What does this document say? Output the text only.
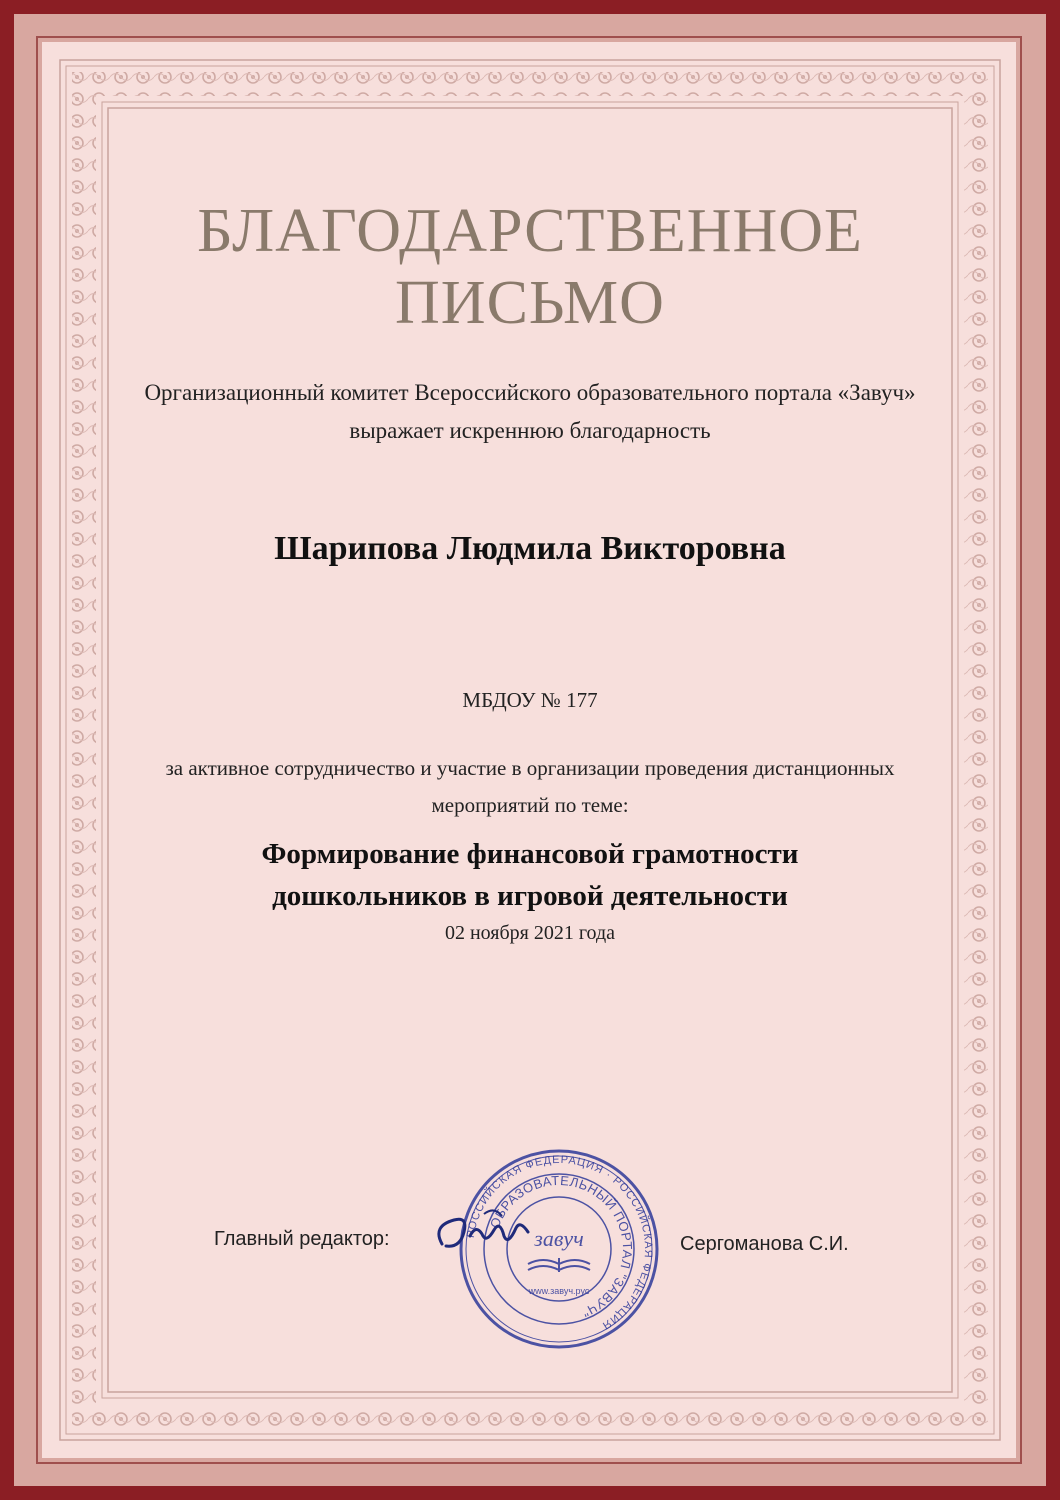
БЛАГОДАРСТВЕННОЕ
ПИСЬМО
Организационный комитет Всероссийского образовательного портала «Завуч» выражает искреннюю благодарность
Шарипова Людмила Викторовна
МБДОУ № 177
за активное сотрудничество и участие в организации проведения дистанционных мероприятий по теме:
Формирование финансовой грамотности
дошкольников в игровой деятельности
02 ноября 2021 года
Главный редактор:	Сергоманова С.И.
РОССИЙСКАЯ ФЕДЕРАЦИЯ · РОССИЙСКАЯ ФЕДЕРАЦИЯ
ОБРАЗОВАТЕЛЬНЫЙ ПОРТАЛ "ЗАВУЧ"
завуч
www.завуч.рус
